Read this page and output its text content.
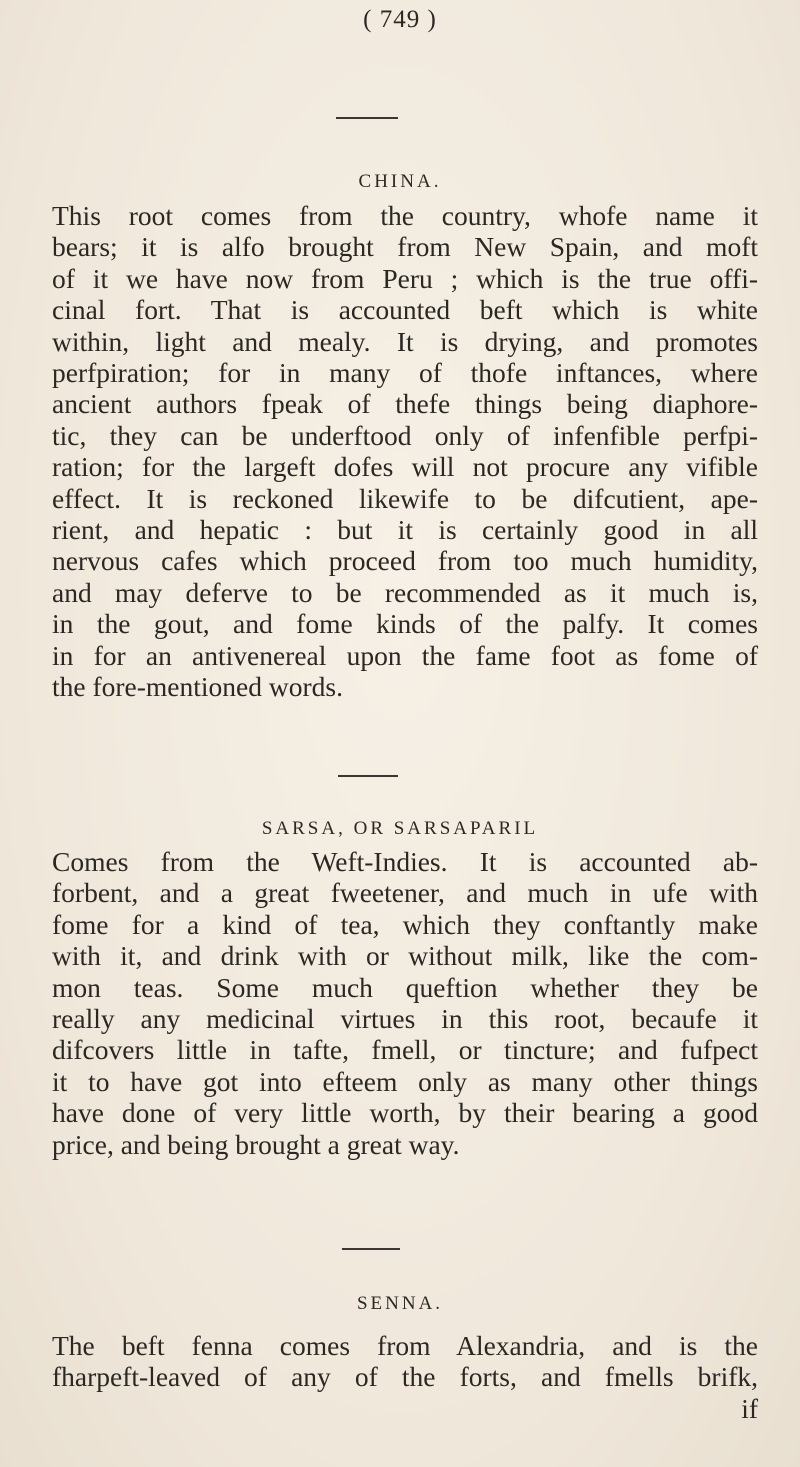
( 749 )
CHINA.
This root comes from the country, whofe name it
bears; it is alfo brought from New Spain, and moft
of it we have now from Peru ; which is the true offi-
cinal fort. That is accounted beft which is white
within, light and mealy. It is drying, and promotes
perfpiration; for in many of thofe inftances, where
ancient authors fpeak of thefe things being diaphore-
tic, they can be underftood only of infenfible perfpi-
ration; for the largeft dofes will not procure any vifible
effect. It is reckoned likewife to be difcutient, ape-
rient, and hepatic : but it is certainly good in all
nervous cafes which proceed from too much humidity,
and may deferve to be recommended as it much is,
in the gout, and fome kinds of the palfy. It comes
in for an antivenereal upon the fame foot as fome of
the fore-mentioned words.
SARSA, OR SARSAPARIL
Comes from the Weft-Indies. It is accounted ab-
forbent, and a great fweetener, and much in ufe with
fome for a kind of tea, which they conftantly make
with it, and drink with or without milk, like the com-
mon teas. Some much queftion whether they be
really any medicinal virtues in this root, becaufe it
difcovers little in tafte, fmell, or tincture; and fufpect
it to have got into efteem only as many other things
have done of very little worth, by their bearing a good
price, and being brought a great way.
SENNA.
The beft fenna comes from Alexandria, and is the
fharpeft-leaved of any of the forts, and fmells brifk,
if
